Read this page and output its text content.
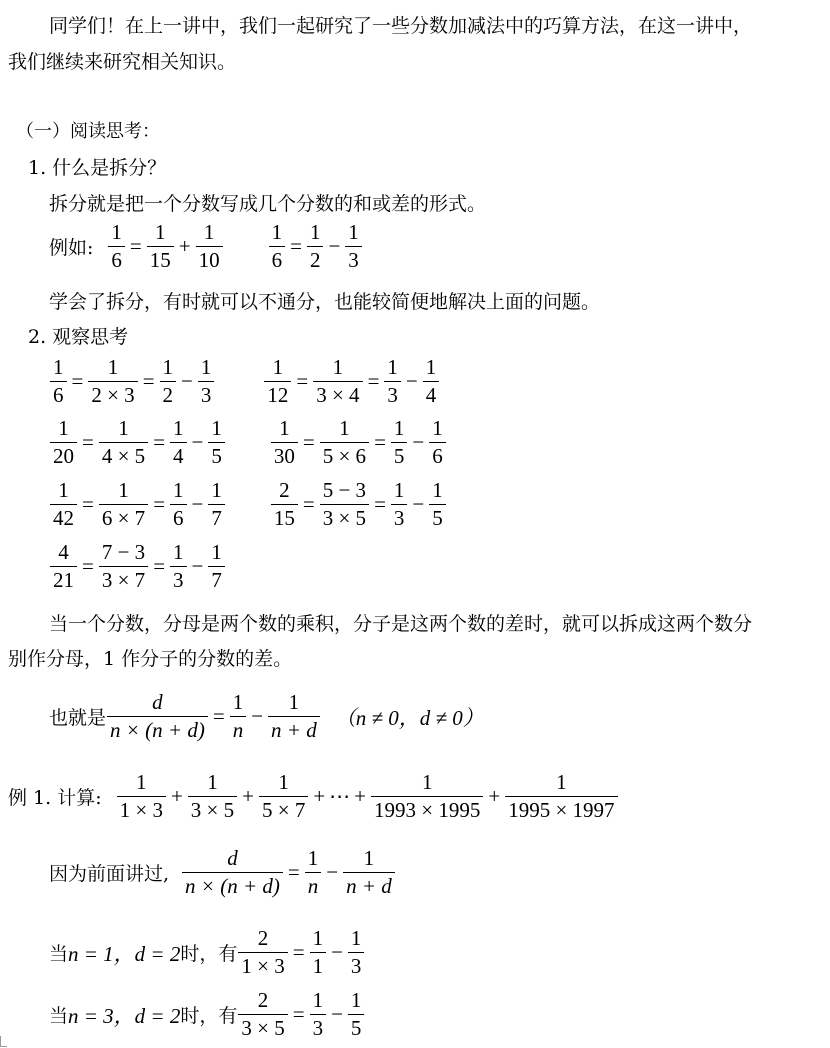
同学们！在上一讲中，我们一起研究了一些分数加减法中的巧算方法，在这一讲中，
我们继续来研究相关知识。
（一）阅读思考：
1. 什么是拆分？
拆分就是把一个分数写成几个分数的和或差的形式。
例如: $\frac{1}{6} = \frac{1}{15} + \frac{1}{10} \frac{1}{6} = \frac{1}{2} - \frac{1}{3}$
学会了拆分，有时就可以不通分，也能较简便地解决上面的问题。
2. 观察思考
$\frac{1}{6} = \frac{1}{2 \times 3} = \frac{1}{2} - \frac{1}{3} \frac{1}{12} = \frac{1}{3 \times 4} = \frac{1}{3} - \frac{1}{4}$
$\frac{1}{20} = \frac{1}{4 \times 5} = \frac{1}{4} - \frac{1}{5} \frac{1}{30} = \frac{1}{5 \times 6} = \frac{1}{5} - \frac{1}{6}$
$\frac{1}{42} = \frac{1}{6 \times 7} = \frac{1}{6} - \frac{1}{7} \frac{2}{15} = \frac{5 - 3}{3 \times 5} = \frac{1}{3} - \frac{1}{5}$
$\frac{4}{21} = \frac{7 - 3}{3 \times 7} = \frac{1}{3} - \frac{1}{7}$
当一个分数，分母是两个数的乘积，分子是这两个数的差时，就可以拆成这两个数分
别作分母，1 作分子的分数的差。
也就是 $\frac{d}{n \times (n + d)} = \frac{1}{n} - \frac{1}{n + d} (n \ne 0$，d ≠ 0）
例 1. 计算: $\frac{1}{1 \times 3} + \frac{1}{3 \times 5} + \frac{1}{5 \times 7}$ + ⋯ + $\frac{1}{1993 \times 1995} + \frac{1}{1995 \times 1997}$
因为前面讲过, $\frac{d}{n \times (n + d)} = \frac{1}{n} - \frac{1}{n + d}$
当 n = 1，d = 2 时，有 $\frac{2}{1 \times 3} = \frac{1}{1} - \frac{1}{3}$
当 n = 3，d = 2 时，有 $\frac{2}{3 \times 5} = \frac{1}{3} - \frac{1}{5}$
